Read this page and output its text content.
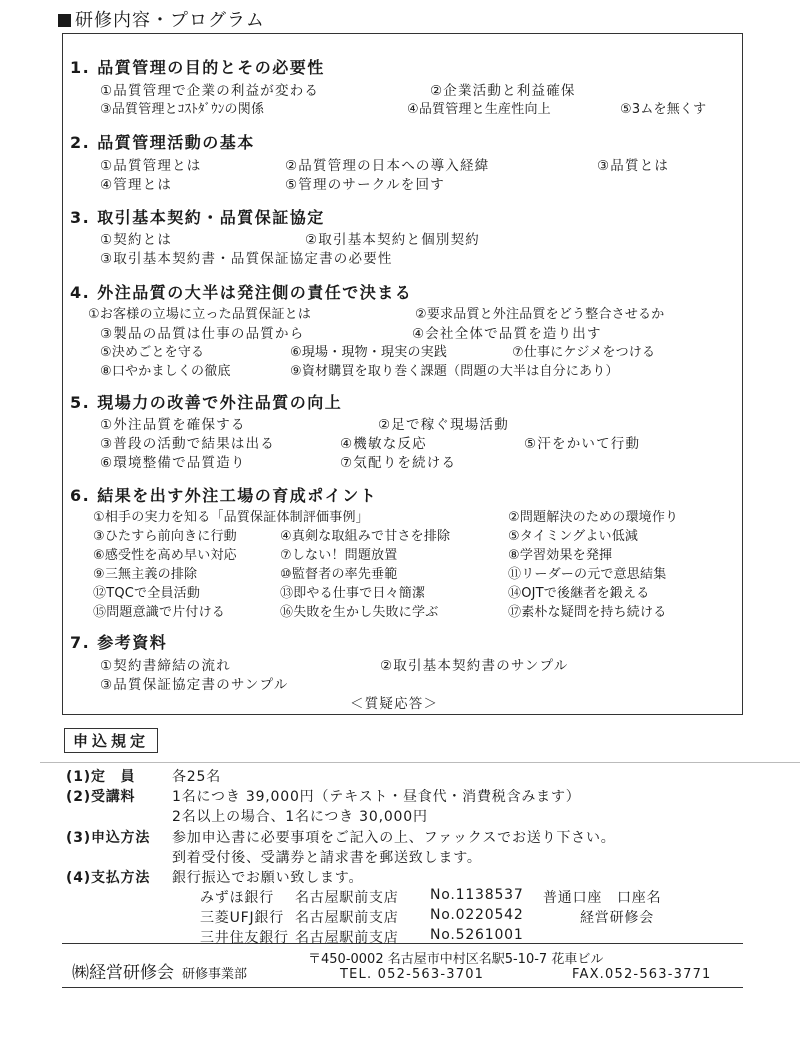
研修内容・プログラム
1. 品質管理の目的とその必要性
①品質管理で企業の利益が変わる	②企業活動と利益確保
③品質管理とｺｽﾄﾀﾞｳﾝの関係	④品質管理と生産性向上	⑤3ムを無くす
2. 品質管理活動の基本
①品質管理とは	②品質管理の日本への導入経緯	③品質とは
④管理とは	⑤管理のサークルを回す
3. 取引基本契約・品質保証協定
①契約とは	②取引基本契約と個別契約
③取引基本契約書・品質保証協定書の必要性
4. 外注品質の大半は発注側の責任で決まる
①お客様の立場に立った品質保証とは	②要求品質と外注品質をどう整合させるか
③製品の品質は仕事の品質から	④会社全体で品質を造り出す
⑤決めごとを守る	⑥現場・現物・現実の実践	⑦仕事にケジメをつける
⑧口やかましくの徹底	⑨資材購買を取り巻く課題（問題の大半は自分にあり）
5. 現場力の改善で外注品質の向上
①外注品質を確保する	②足で稼ぐ現場活動
③普段の活動で結果は出る	④機敏な反応	⑤汗をかいて行動
⑥環境整備で品質造り	⑦気配りを続ける
6. 結果を出す外注工場の育成ポイント
①相手の実力を知る「品質保証体制評価事例」	②問題解決のための環境作り
③ひたすら前向きに行動	④真剣な取組みで甘さを排除	⑤タイミングよい低減
⑥感受性を高め早い対応	⑦しない！問題放置	⑧学習効果を発揮
⑨三無主義の排除	⑩監督者の率先垂範	⑪リーダーの元で意思結集
⑫TQCで全員活動	⑬即やる仕事で日々簡潔	⑭OJTで後継者を鍛える
⑮問題意識で片付ける	⑯失敗を生かし失敗に学ぶ	⑰素朴な疑問を持ち続ける
7. 参考資料
①契約書締結の流れ	②取引基本契約書のサンプル
③品質保証協定書のサンプル
＜質疑応答＞
申込規定
(1)定　員	各25名
(2)受講料	1名につき 39,000円（テキスト・昼食代・消費税含みます）
2名以上の場合、1名につき 30,000円
(3)申込方法 参加申込書に必要事項をご記入の上、ファックスでお送り下さい。
到着受付後、受講券と請求書を郵送致します。
(4)支払方法 銀行振込でお願い致します。
みずほ銀行 名古屋駅前支店 No.1138537 普通口座　口座名
三菱UFJ銀行 名古屋駅前支店 No.0220542	経営研修会
三井住友銀行 名古屋駅前支店 No.5261001
㈱経営研修会 研修事業部
〒450-0002 名古屋市中村区名駅5-10-7 花車ビル
TEL. 052-563-3701	FAX.052-563-3771
